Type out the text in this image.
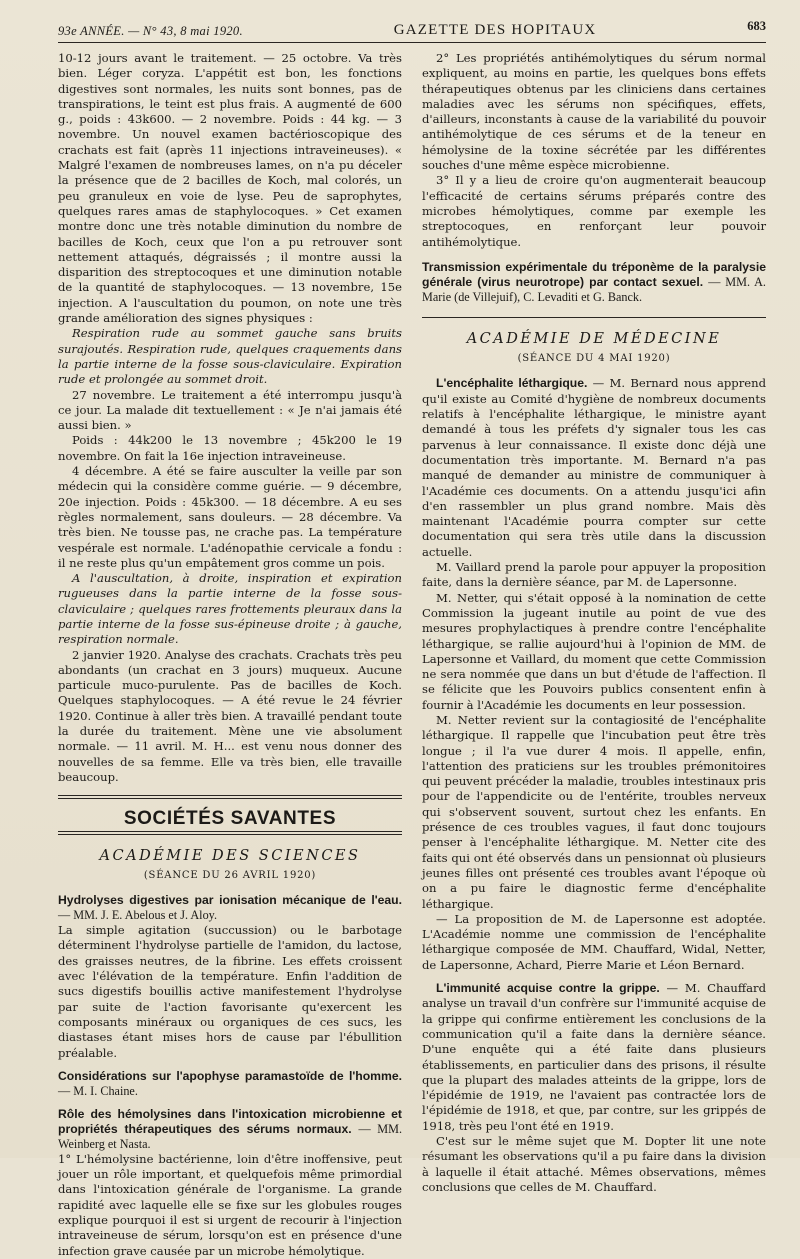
93e ANNÉE. — N° 43, 8 mai 1920.	GAZETTE DES HOPITAUX	683

10-12 jours avant le traitement. — 25 octobre. Va très bien. Léger coryza. L'appétit est bon, les fonctions digestives sont normales, les nuits sont bonnes, pas de transpirations, le teint est plus frais. A augmenté de 600 g., poids : 43k600. — 2 novembre. Poids : 44 kg. — 3 novembre. Un nouvel examen bactérioscopique des crachats est fait (après 11 injections intraveineuses). « Malgré l'examen de nombreuses lames, on n'a pu déceler la présence que de 2 bacilles de Koch, mal colorés, un peu granuleux en voie de lyse. Peu de saprophytes, quelques rares amas de staphylocoques. » Cet examen montre donc une très notable diminution du nombre de bacilles de Koch, ceux que l'on a pu retrouver sont nettement attaqués, dégraissés ; il montre aussi la disparition des streptocoques et une diminution notable de la quantité de staphylocoques. — 13 novembre, 15e injection. A l'auscultation du poumon, on note une très grande amélioration des signes physiques :

Respiration rude au sommet gauche sans bruits surajoutés. Respiration rude, quelques craquements dans la partie interne de la fosse sous-claviculaire. Expiration rude et prolongée au sommet droit.

27 novembre. Le traitement a été interrompu jusqu'à ce jour. La malade dit textuellement : « Je n'ai jamais été aussi bien. »

Poids : 44k200 le 13 novembre ; 45k200 le 19 novembre. On fait la 16e injection intraveineuse.

4 décembre. A été se faire ausculter la veille par son médecin qui la considère comme guérie. — 9 décembre, 20e injection. Poids : 45k300. — 18 décembre. A eu ses règles normalement, sans douleurs. — 28 décembre. Va très bien. Ne tousse pas, ne crache pas. La température vespérale est normale. L'adénopathie cervicale a fondu : il ne reste plus qu'un empâtement gros comme un pois.

A l'auscultation, à droite, inspiration et expiration rugueuses dans la partie interne de la fosse sous-claviculaire ; quelques rares frottements pleuraux dans la partie interne de la fosse sus-épineuse droite ; à gauche, respiration normale.

2 janvier 1920. Analyse des crachats. Crachats très peu abondants (un crachat en 3 jours) muqueux. Aucune particule muco-purulente. Pas de bacilles de Koch. Quelques staphylocoques. — A été revue le 24 février 1920. Continue à aller très bien. A travaillé pendant toute la durée du traitement. Mène une vie absolument normale. — 11 avril. M. H... est venu nous donner des nouvelles de sa femme. Elle va très bien, elle travaille beaucoup.

SOCIÉTÉS SAVANTES
ACADÉMIE DES SCIENCES
(SÉANCE DU 26 AVRIL 1920)
Hydrolyses digestives par ionisation mécanique de l'eau. — MM. J. E. Abelous et J. Aloy.

La simple agitation (succussion) ou le barbotage déterminent l'hydrolyse partielle de l'amidon, du lactose, des graisses neutres, de la fibrine. Les effets croissent avec l'élévation de la température. Enfin l'addition de sucs digestifs bouillis active manifestement l'hydrolyse par suite de l'action favorisante qu'exercent les composants minéraux ou organiques de ces sucs, les diastases étant mises hors de cause par l'ébullition préalable.

Considérations sur l'apophyse paramastoïde de l'homme. — M. I. Chaine.
Rôle des hémolysines dans l'intoxication microbienne et propriétés thérapeutiques des sérums normaux. — MM. Weinberg et Nasta.

1° L'hémolysine bactérienne, loin d'être inoffensive, peut jouer un rôle important, et quelquefois même primordial dans l'intoxication générale de l'organisme. La grande rapidité avec laquelle elle se fixe sur les globules rouges explique pourquoi il est si urgent de recourir à l'injection intraveineuse de sérum, lorsqu'on est en présence d'une infection grave causée par un microbe hémolytique.

2° Les propriétés antihémolytiques du sérum normal expliquent, au moins en partie, les quelques bons effets thérapeutiques obtenus par les cliniciens dans certaines maladies avec les sérums non spécifiques, effets, d'ailleurs, inconstants à cause de la variabilité du pouvoir antihémolytique de ces sérums et de la teneur en hémolysine de la toxine sécrétée par les différentes souches d'une même espèce microbienne.

3° Il y a lieu de croire qu'on augmenterait beaucoup l'efficacité de certains sérums préparés contre des microbes hémolytiques, comme par exemple les streptocoques, en renforçant leur pouvoir antihémolytique.

Transmission expérimentale du tréponème de la paralysie générale (virus neurotrope) par contact sexuel. — MM. A. Marie (de Villejuif), C. Levaditi et G. Banck.
ACADÉMIE DE MÉDECINE
(SÉANCE DU 4 MAI 1920)

L'encéphalite léthargique. — M. Bernard nous apprend qu'il existe au Comité d'hygiène de nombreux documents relatifs à l'encéphalite léthargique, le ministre ayant demandé à tous les préfets d'y signaler tous les cas parvenus à leur connaissance. Il existe donc déjà une documentation très importante. M. Bernard n'a pas manqué de demander au ministre de communiquer à l'Académie ces documents. On a attendu jusqu'ici afin d'en rassembler un plus grand nombre. Mais dès maintenant l'Académie pourra compter sur cette documentation qui sera très utile dans la discussion actuelle.

M. Vaillard prend la parole pour appuyer la proposition faite, dans la dernière séance, par M. de Lapersonne.

M. Netter, qui s'était opposé à la nomination de cette Commission la jugeant inutile au point de vue des mesures prophylactiques à prendre contre l'encéphalite léthargique, se rallie aujourd'hui à l'opinion de MM. de Lapersonne et Vaillard, du moment que cette Commission ne sera nommée que dans un but d'étude de l'affection. Il se félicite que les Pouvoirs publics consentent enfin à fournir à l'Académie les documents en leur possession.

M. Netter revient sur la contagiosité de l'encéphalite léthargique. Il rappelle que l'incubation peut être très longue ; il l'a vue durer 4 mois. Il appelle, enfin, l'attention des praticiens sur les troubles prémonitoires qui peuvent précéder la maladie, troubles intestinaux pris pour de l'appendicite ou de l'entérite, troubles nerveux qui s'observent souvent, surtout chez les enfants. En présence de ces troubles vagues, il faut donc toujours penser à l'encéphalite léthargique. M. Netter cite des faits qui ont été observés dans un pensionnat où plusieurs jeunes filles ont présenté ces troubles avant l'époque où on a pu faire le diagnostic ferme d'encéphalite léthargique.

— La proposition de M. de Lapersonne est adoptée. L'Académie nomme une commission de l'encéphalite léthargique composée de MM. Chauffard, Widal, Netter, de Lapersonne, Achard, Pierre Marie et Léon Bernard.

L'immunité acquise contre la grippe. — M. Chauffard analyse un travail d'un confrère sur l'immunité acquise de la grippe qui confirme entièrement les conclusions de la communication qu'il a faite dans la dernière séance. D'une enquête qui a été faite dans plusieurs établissements, en particulier dans des prisons, il résulte que la plupart des malades atteints de la grippe, lors de l'épidémie de 1919, ne l'avaient pas contractée lors de l'épidémie de 1918, et que, par contre, sur les grippés de 1918, très peu l'ont été en 1919.

C'est sur le même sujet que M. Dopter lit une note résumant les observations qu'il a pu faire dans la division à laquelle il était attaché. Mêmes observations, mêmes conclusions que celles de M. Chauffard.
